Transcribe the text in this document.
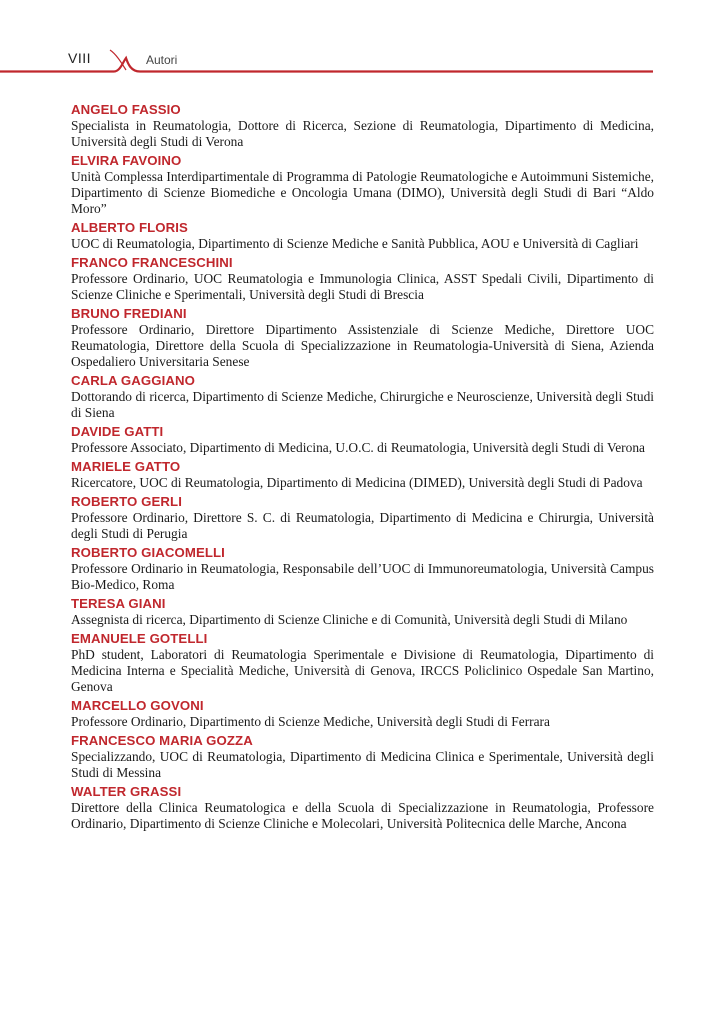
VIII	Autori
ANGELO FASSIO
Specialista in Reumatologia, Dottore di Ricerca, Sezione di Reumatologia, Dipartimento di Medicina, Università degli Studi di Verona
ELVIRA FAVOINO
Unità Complessa Interdipartimentale di Programma di Patologie Reumatologiche e Autoimmuni Sistemiche, Dipartimento di Scienze Biomediche e Oncologia Umana (DIMO), Università degli Studi di Bari “Aldo Moro”
ALBERTO FLORIS
UOC di Reumatologia, Dipartimento di Scienze Mediche e Sanità Pubblica, AOU e Università di Cagliari
FRANCO FRANCESCHINI
Professore Ordinario, UOC Reumatologia e Immunologia Clinica, ASST Spedali Civili, Dipartimento di Scienze Cliniche e Sperimentali, Università degli Studi di Brescia
BRUNO FREDIANI
Professore Ordinario, Direttore Dipartimento Assistenziale di Scienze Mediche, Direttore UOC Reumatologia, Direttore della Scuola di Specializzazione in Reumatologia-Università di Siena, Azienda Ospedaliero Universitaria Senese
CARLA GAGGIANO
Dottorando di ricerca, Dipartimento di Scienze Mediche, Chirurgiche e Neuroscienze, Università degli Studi di Siena
DAVIDE GATTI
Professore Associato, Dipartimento di Medicina, U.O.C. di Reumatologia, Università degli Studi di Verona
MARIELE GATTO
Ricercatore, UOC di Reumatologia, Dipartimento di Medicina (DIMED), Università degli Studi di Padova
ROBERTO GERLI
Professore Ordinario, Direttore S. C. di Reumatologia, Dipartimento di Medicina e Chirurgia, Università degli Studi di Perugia
ROBERTO GIACOMELLI
Professore Ordinario in Reumatologia, Responsabile dell’UOC di Immunoreumatologia, Università Campus Bio-Medico, Roma
TERESA GIANI
Assegnista di ricerca, Dipartimento di Scienze Cliniche e di Comunità, Università degli Studi di Milano
EMANUELE GOTELLI
PhD student, Laboratori di Reumatologia Sperimentale e Divisione di Reumatologia, Dipartimento di Medicina Interna e Specialità Mediche, Università di Genova, IRCCS Policlinico Ospedale San Martino, Genova
MARCELLO GOVONI
Professore Ordinario, Dipartimento di Scienze Mediche, Università degli Studi di Ferrara
FRANCESCO MARIA GOZZA
Specializzando, UOC di Reumatologia, Dipartimento di Medicina Clinica e Sperimentale, Università degli Studi di Messina
WALTER GRASSI
Direttore della Clinica Reumatologica e della Scuola di Specializzazione in Reumatologia, Professore Ordinario, Dipartimento di Scienze Cliniche e Molecolari, Università Politecnica delle Marche, Ancona
